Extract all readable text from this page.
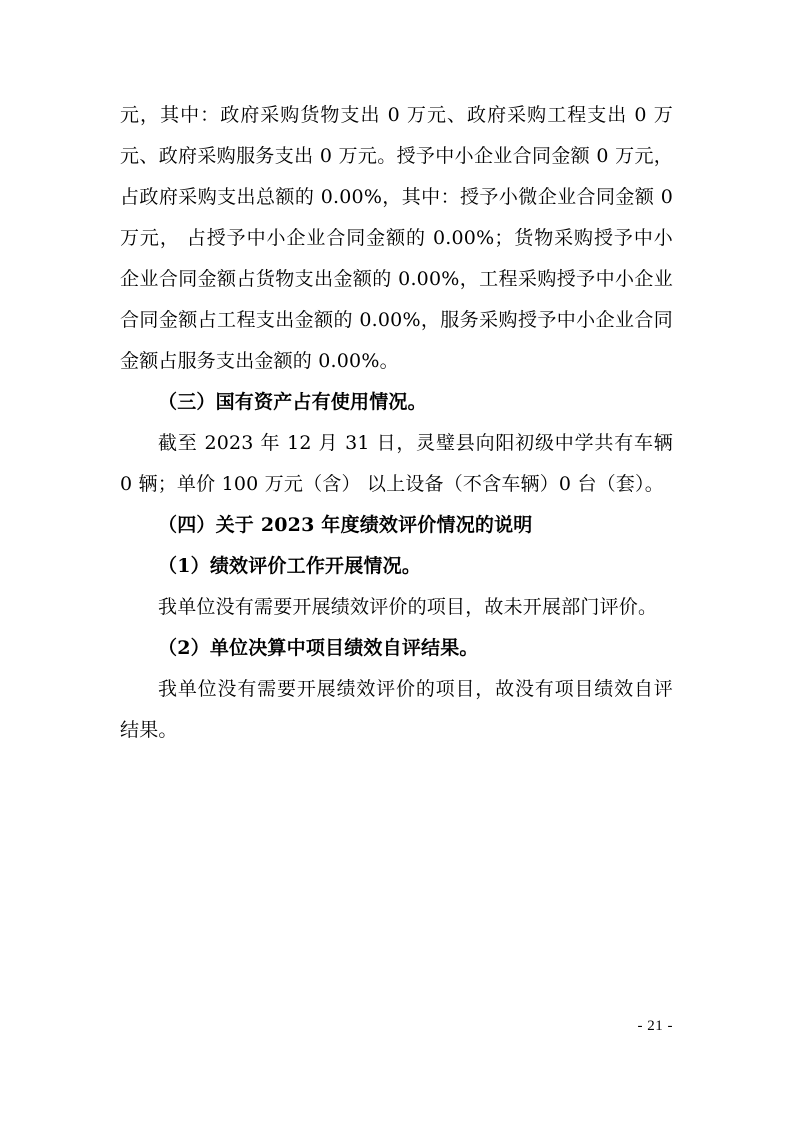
元，其中：政府采购货物支出 0 万元、政府采购工程支出 0 万元、政府采购服务支出 0 万元。授予中小企业合同金额 0 万元， 占政府采购支出总额的 0.00%，其中：授予小微企业合同金额 0 万元， 占授予中小企业合同金额的 0.00%；货物采购授予中小企业合同金额占货物支出金额的 0.00%，工程采购授予中小企业合同金额占工程支出金额的 0.00%，服务采购授予中小企业合同金额占服务支出金额的 0.00%。

（三）国有资产占有使用情况。

截至 2023 年 12 月 31 日，灵璧县向阳初级中学共有车辆 0 辆；单价 100 万元（含） 以上设备（不含车辆）0 台（套）。

（四）关于 2023 年度绩效评价情况的说明

（1）绩效评价工作开展情况。

我单位没有需要开展绩效评价的项目，故未开展部门评价。

（2）单位决算中项目绩效自评结果。

我单位没有需要开展绩效评价的项目，故没有项目绩效自评结果。

- 21 -
